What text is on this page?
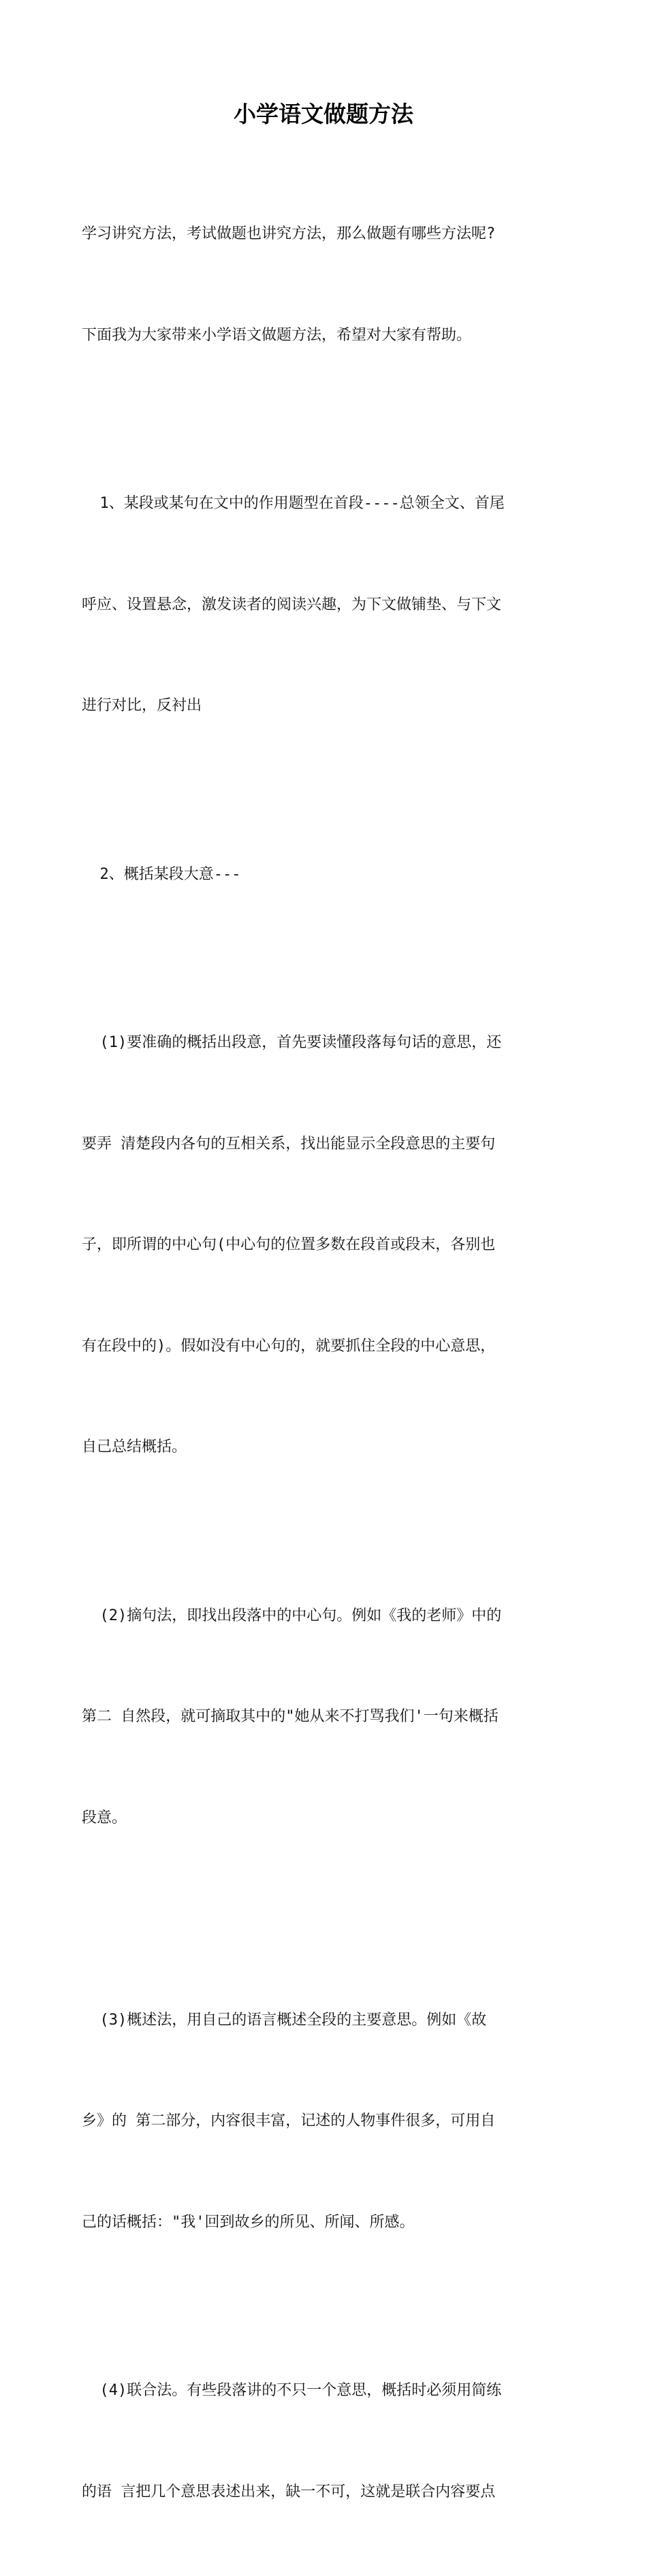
小学语文做题方法

学习讲究方法，考试做题也讲究方法，那么做题有哪些方法呢?

下面我为大家带来小学语文做题方法，希望对大家有帮助。

1、某段或某句在文中的作用题型在首段----总领全文、首尾

呼应、设置悬念，激发读者的阅读兴趣，为下文做铺垫、与下文

进行对比，反衬出

2、概括某段大意---

(1)要准确的概括出段意，首先要读懂段落每句话的意思，还

要弄 清楚段内各句的互相关系，找出能显示全段意思的主要句

子，即所谓的中心句(中心句的位置多数在段首或段末，各别也

有在段中的)。假如没有中心句的，就要抓住全段的中心意思，

自己总结概括。

(2)摘句法，即找出段落中的中心句。例如《我的老师》中的

第二 自然段，就可摘取其中的"她从来不打骂我们'一句来概括

段意。

(3)概述法，用自己的语言概述全段的主要意思。例如《故

乡》的 第二部分，内容很丰富，记述的人物事件很多，可用自

己的话概括："我'回到故乡的所见、所闻、所感。

(4)联合法。有些段落讲的不只一个意思，概括时必须用简练

的语 言把几个意思表述出来，缺一不可，这就是联合内容要点
